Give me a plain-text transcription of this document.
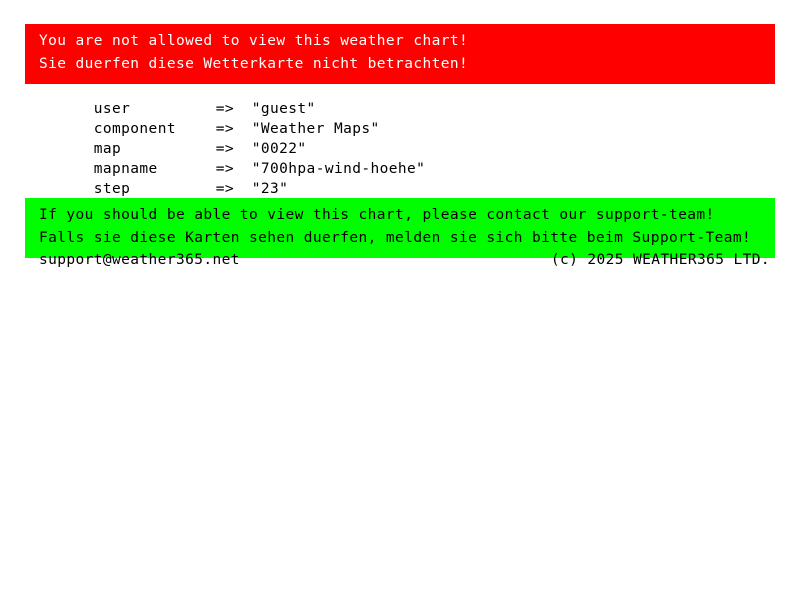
You are not allowed to view this weather chart!
Sie duerfen diese Wetterkarte nicht betrachten!

user	=> "guest"

component	=> "Weather Maps"

map	=> "0022"

mapname	=> "700hpa-wind-hoehe"

step	=> "23"

If you should be able to view this chart, please contact our support-team!
Falls sie diese Karten sehen duerfen, melden sie sich bitte beim Support-Team!
support@weather365.net	(c) 2025 WEATHER365 LTD.
